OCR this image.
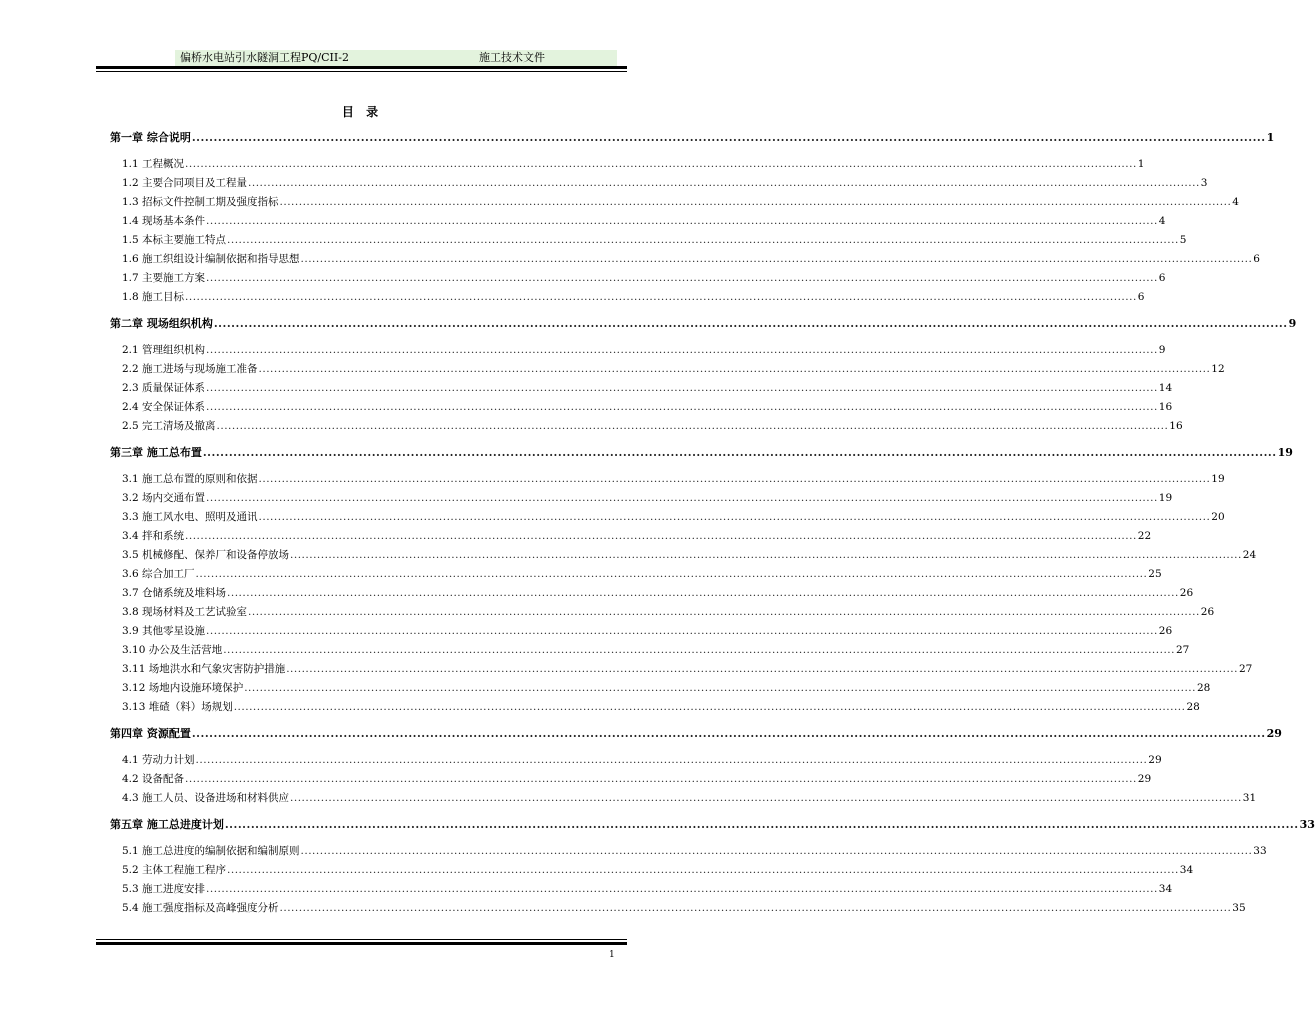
偏桥水电站引水隧洞工程PQ/CII-2	施工技术文件
目 录
第一章 综合说明 ........................................................................................................................................................................................................................................................ 1
1.1 工程概况 ........................................................................................................................................................................................................................................................ 1
1.2 主要合同项目及工程量 ........................................................................................................................................................................................................................................................ 3
1.3 招标文件控制工期及强度指标 ........................................................................................................................................................................................................................................................ 4
1.4 现场基本条件 ........................................................................................................................................................................................................................................................ 4
1.5 本标主要施工特点 ........................................................................................................................................................................................................................................................ 5
1.6 施工织组设计编制依据和指导思想 ........................................................................................................................................................................................................................................................ 6
1.7 主要施工方案 ........................................................................................................................................................................................................................................................ 6
1.8 施工目标 ........................................................................................................................................................................................................................................................ 6
第二章 现场组织机构 ........................................................................................................................................................................................................................................................ 9
2.1 管理组织机构 ........................................................................................................................................................................................................................................................ 9
2.2 施工进场与现场施工准备 ........................................................................................................................................................................................................................................................ 12
2.3 质量保证体系 ........................................................................................................................................................................................................................................................ 14
2.4 安全保证体系 ........................................................................................................................................................................................................................................................ 16
2.5 完工清场及撤离 ........................................................................................................................................................................................................................................................ 16
第三章 施工总布置 ........................................................................................................................................................................................................................................................ 19
3.1 施工总布置的原则和依据 ........................................................................................................................................................................................................................................................ 19
3.2 场内交通布置 ........................................................................................................................................................................................................................................................ 19
3.3 施工风水电、照明及通讯 ........................................................................................................................................................................................................................................................ 20
3.4 拌和系统 ........................................................................................................................................................................................................................................................ 22
3.5 机械修配、保养厂和设备停放场 ........................................................................................................................................................................................................................................................ 24
3.6 综合加工厂 ........................................................................................................................................................................................................................................................ 25
3.7 仓储系统及堆料场 ........................................................................................................................................................................................................................................................ 26
3.8 现场材料及工艺试验室 ........................................................................................................................................................................................................................................................ 26
3.9 其他零星设施 ........................................................................................................................................................................................................................................................ 26
3.10 办公及生活营地 ........................................................................................................................................................................................................................................................ 27
3.11 场地洪水和气象灾害防护措施 ........................................................................................................................................................................................................................................................ 27
3.12 场地内设施环境保护 ........................................................................................................................................................................................................................................................ 28
3.13 堆碴（料）场规划 ........................................................................................................................................................................................................................................................ 28
第四章 资源配置 ........................................................................................................................................................................................................................................................ 29
4.1 劳动力计划 ........................................................................................................................................................................................................................................................ 29
4.2 设备配备 ........................................................................................................................................................................................................................................................ 29
4.3 施工人员、设备进场和材料供应 ........................................................................................................................................................................................................................................................ 31
第五章 施工总进度计划 ........................................................................................................................................................................................................................................................ 33
5.1 施工总进度的编制依据和编制原则 ........................................................................................................................................................................................................................................................ 33
5.2 主体工程施工程序 ........................................................................................................................................................................................................................................................ 34
5.3 施工进度安排 ........................................................................................................................................................................................................................................................ 34
5.4 施工强度指标及高峰强度分析 ........................................................................................................................................................................................................................................................ 35
1
